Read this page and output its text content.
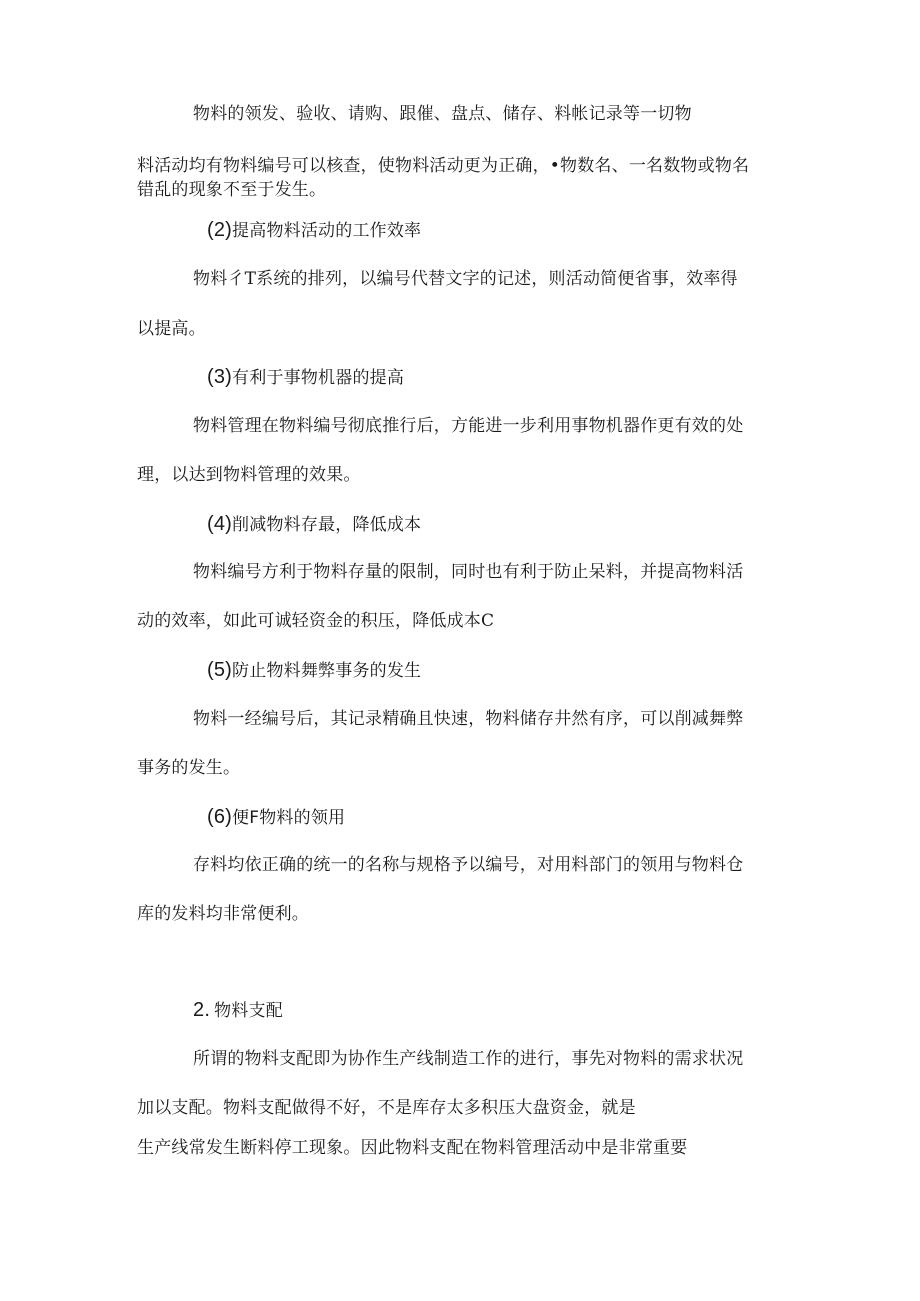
物料的领发、验收、请购、跟催、盘点、储存、料帐记录等一切物
料活动均有物料编号可以核查，使物料活动更为正确，•物数名、一名数物或物名
错乱的现象不至于发生。
(2)提高物料活动的工作效率
物料彳T系统的排列，以编号代替文字的记述，则活动简便省事，效率得
以提高。
(3)有利于事物机器的提高
物料管理在物料编号彻底推行后，方能进一步利用事物机器作更有效的处
理，以达到物料管理的效果。
(4)削减物料存最，降低成本
物料编号方利于物料存量的限制，同时也有利于防止呆料，并提高物料活
动的效率，如此可诚轻资金的积压，降低成本C
(5)防止物料舞弊事务的发生
物料一经编号后，其记录精确且快速，物料储存井然有序，可以削减舞弊
事务的发生。
(6)便F物料的领用
存料均依正确的统一的名称与规格予以编号，对用料部门的领用与物料仓
库的发料均非常便利。
2. 物料支配
所谓的物料支配即为协作生产线制造工作的进行，事先对物料的需求状况
加以支配。物料支配做得不好，不是库存太多积压大盘资金，就是
生产线常发生断料停工现象。因此物料支配在物料管理活动中是非常重要
